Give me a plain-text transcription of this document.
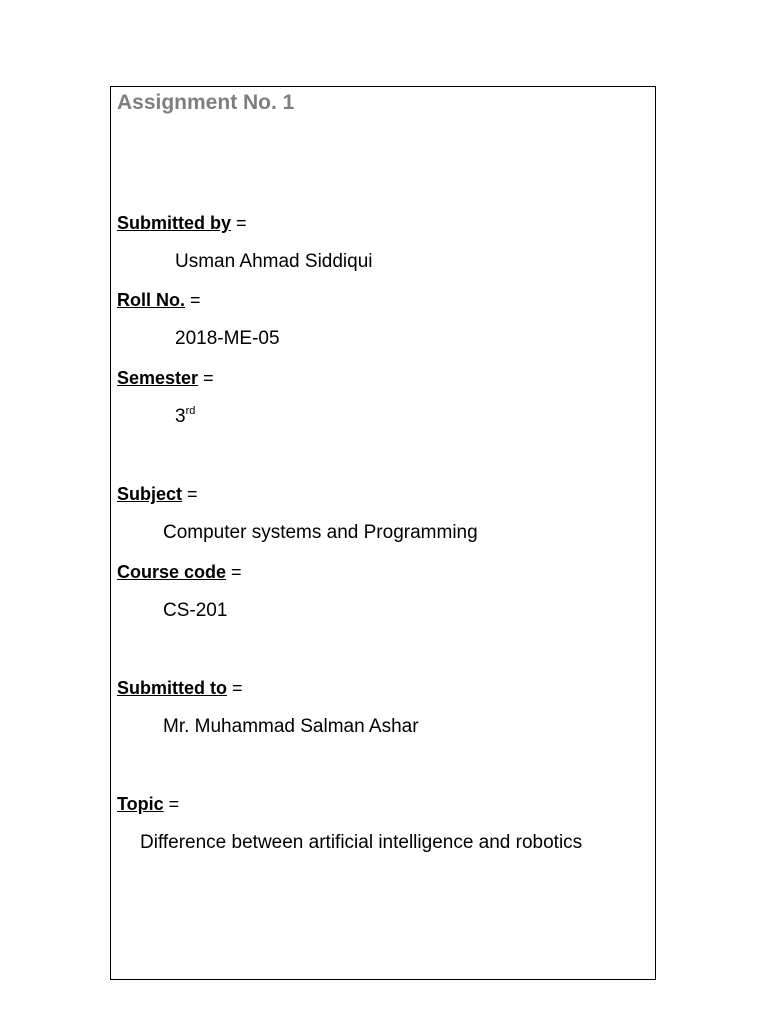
Assignment No. 1
Submitted by =
Usman Ahmad Siddiqui
Roll No. =
2018-ME-05
Semester =
3rd
Subject =
Computer systems and Programming
Course code =
CS-201
Submitted to =
Mr. Muhammad Salman Ashar
Topic =
Difference between artificial intelligence and robotics
